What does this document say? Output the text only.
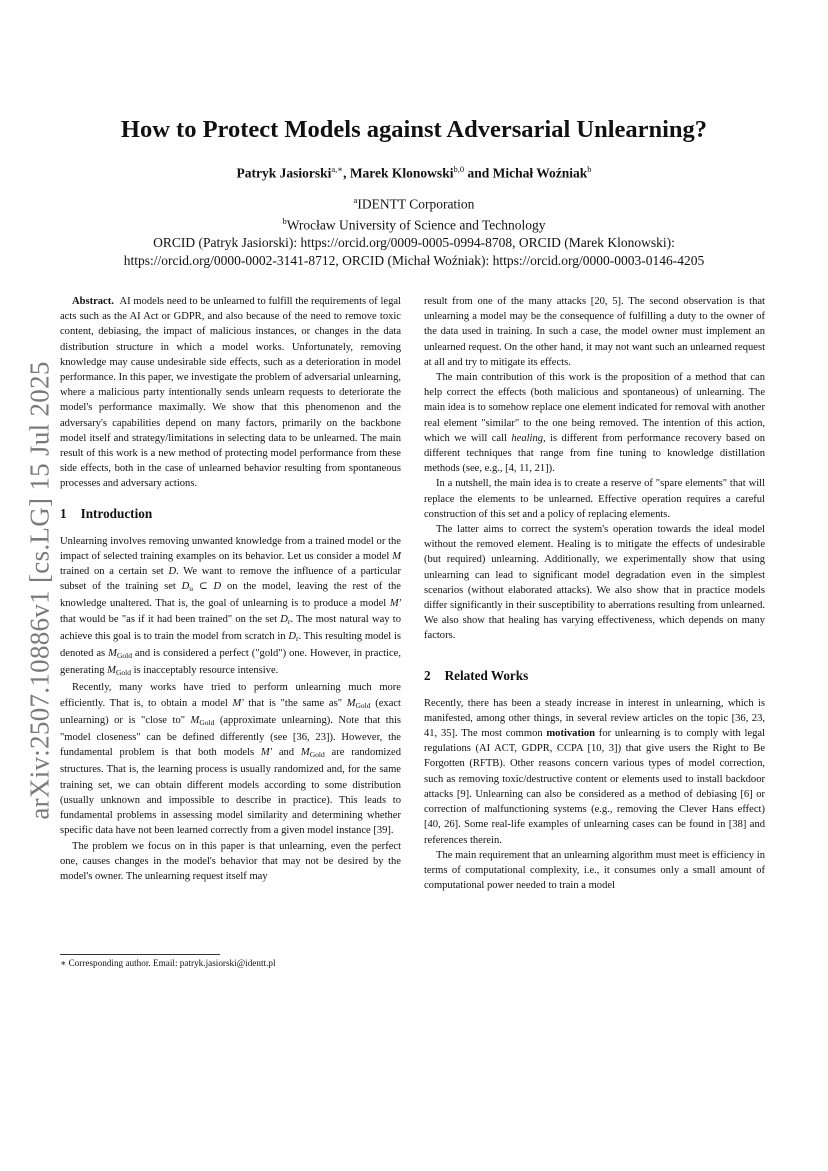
arXiv:2507.10886v1 [cs.LG] 15 Jul 2025
How to Protect Models against Adversarial Unlearning?
Patryk Jasiorski$^{a,∗}$, Marek Klonowski$^{b,0}$ and Michał Woźniak$^b$
$^a$IDENTT Corporation
$^b$Wrocław University of Science and Technology
ORCID (Patryk Jasiorski): https://orcid.org/0009-0005-0994-8708, ORCID (Marek Klonowski):
https://orcid.org/0000-0002-3141-8712, ORCID (Michał Woźniak): https://orcid.org/0000-0003-0146-4205

Abstract. AI models need to be unlearned to fulfill the requirements of legal acts such as the AI Act or GDPR, and also because of the need to remove toxic content, debiasing, the impact of malicious instances, or changes in the data distribution structure in which a model works. Unfortunately, removing knowledge may cause undesirable side effects, such as a deterioration in model performance. In this paper, we investigate the problem of adversarial unlearning, where a malicious party intentionally sends unlearn requests to deteriorate the model's performance maximally. We show that this phenomenon and the adversary's capabilities depend on many factors, primarily on the backbone model itself and strategy/limitations in selecting data to be unlearned. The main result of this work is a new method of protecting model performance from these side effects, both in the case of unlearned behavior resulting from spontaneous processes and adversary actions.

1 Introduction

Unlearning involves removing unwanted knowledge from a trained model or the impact of selected training examples on its behavior. Let us consider a model M trained on a certain set D. We want to remove the influence of a particular subset of the training set $D_u$ ⊂ D on the model, leaving the rest of the knowledge unaltered. That is, the goal of unlearning is to produce a model M′ that would be "as if it had been trained" on the set $D_r$. The most natural way to achieve this goal is to train the model from scratch in $D_r$. This resulting model is denoted as $M_{Gold}$ and is considered a perfect ("gold") one. However, in practice, generating $M_{Gold}$ is inacceptably resource intensive.

Recently, many works have tried to perform unlearning much more efficiently. That is, to obtain a model M′ that is "the same as" $M_{Gold}$ (exact unlearning) or is "close to" $M_{Gold}$ (approximate unlearning). Note that this "model closeness" can be defined differently (see [36, 23]). However, the fundamental problem is that both models M′ and $M_{Gold}$ are randomized structures. That is, the learning process is usually randomized and, for the same training set, we can obtain different models according to some distribution (usually unknown and impossible to describe in practice). This leads to fundamental problems in assessing model similarity and determining whether specific data have not been learned correctly from a given model instance [39].

The problem we focus on in this paper is that unlearning, even the perfect one, causes changes in the model's behavior that may not be desired by the model's owner. The unlearning request itself may

result from one of the many attacks [20, 5]. The second observation is that unlearning a model may be the consequence of fulfilling a duty to the owner of the data used in training. In such a case, the model owner must implement an unlearned request. On the other hand, it may not want such an unlearned request at all and try to mitigate its effects.

The main contribution of this work is the proposition of a method that can help correct the effects (both malicious and spontaneous) of unlearning. The main idea is to somehow replace one element indicated for removal with another real element "similar" to the one being removed. The intention of this action, which we will call healing, is different from performance recovery based on different techniques that range from fine tuning to knowledge distillation methods (see, e.g., [4, 11, 21]).

In a nutshell, the main idea is to create a reserve of "spare elements" that will replace the elements to be unlearned. Effective operation requires a careful construction of this set and a policy of replacing elements.

The latter aims to correct the system's operation towards the ideal model without the removed element. Healing is to mitigate the effects of undesirable (but required) unlearning. Additionally, we experimentally show that using unlearning can lead to significant model degradation even in the simplest scenarios (without elaborated attacks). We also show that in practice models differ significantly in their susceptibility to aberrations resulting from unlearned. We also show that healing has varying effectiveness, which depends on many factors.

2 Related Works

Recently, there has been a steady increase in interest in unlearning, which is manifested, among other things, in several review articles on the topic [36, 23, 41, 35]. The most common motivation for unlearning is to comply with legal regulations (AI ACT, GDPR, CCPA [10, 3]) that give users the Right to Be Forgotten (RFTB). Other reasons concern various types of model correction, such as removing toxic/destructive content or elements used to install backdoor attacks [9]. Unlearning can also be considered as a method of debiasing [6] or correction of malfunctioning systems (e.g., removing the Clever Hans effect) [40, 26]. Some real-life examples of unlearning cases can be found in [38] and references therein.

The main requirement that an unlearning algorithm must meet is efficiency in terms of computational complexity, i.e., it consumes only a small amount of computational power needed to train a model

∗ Corresponding author. Email: patryk.jasiorski@identt.pl
